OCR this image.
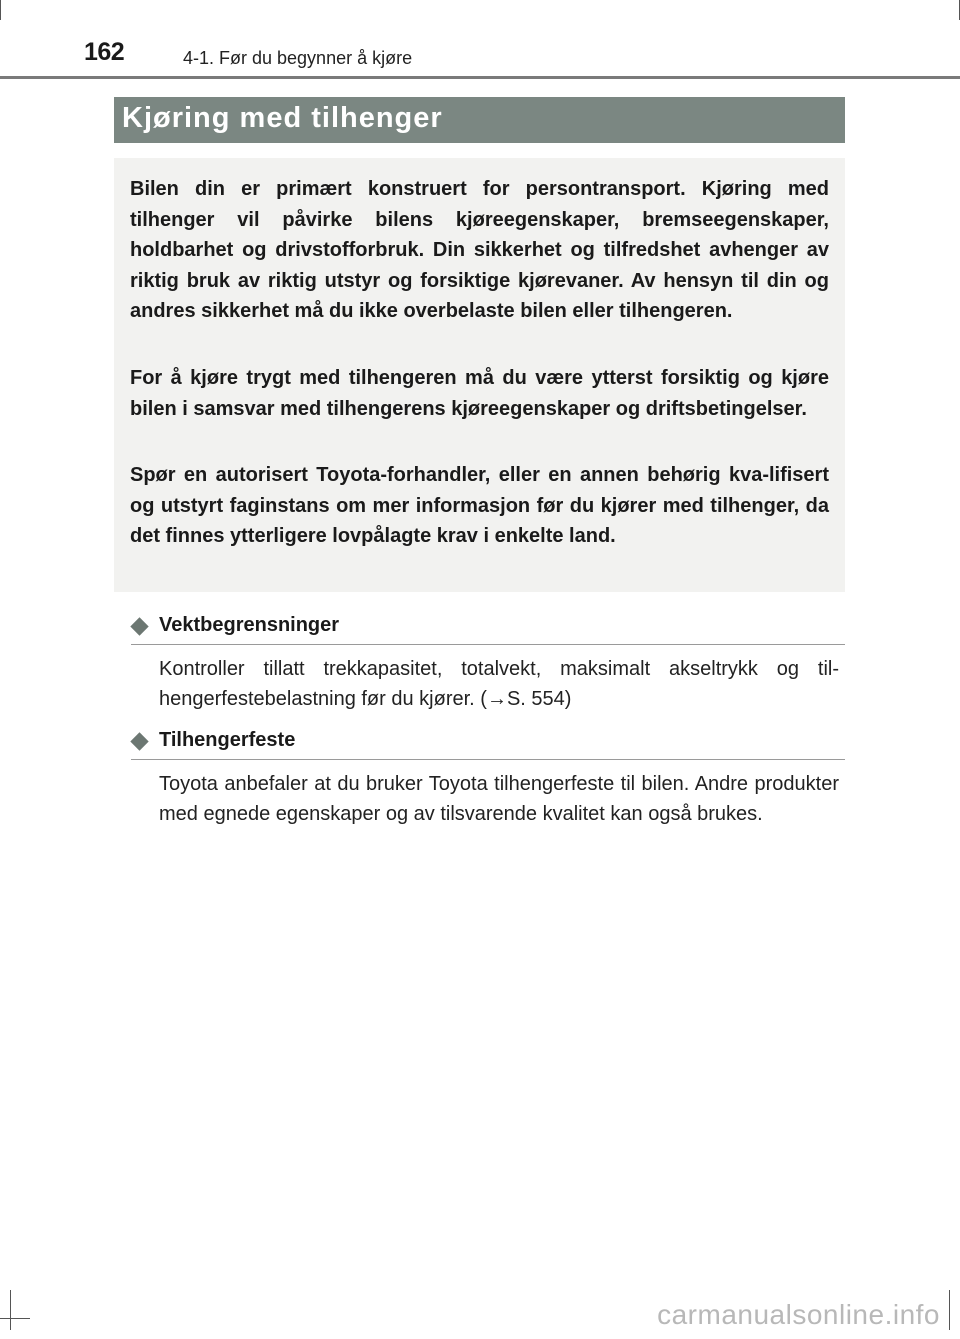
162	4-1. Før du begynner å kjøre
Kjøring med tilhenger

Bilen din er primært konstruert for persontransport. Kjøring med tilhenger vil påvirke bilens kjøreegenskaper, bremseegenskaper, holdbarhet og drivstofforbruk. Din sikkerhet og tilfredshet avhenger av riktig bruk av riktig utstyr og forsiktige kjørevaner. Av hensyn til din og andres sikkerhet må du ikke overbelaste bilen eller tilhengeren.

For å kjøre trygt med tilhengeren må du være ytterst forsiktig og kjøre bilen i samsvar med tilhengerens kjøreegenskaper og driftsbetingelser.

Spør en autorisert Toyota-forhandler, eller en annen behørig kva-lifisert og utstyrt faginstans om mer informasjon før du kjører med tilhenger, da det finnes ytterligere lovpålagte krav i enkelte land.

Vektbegrensninger

Kontroller tillatt trekkapasitet, totalvekt, maksimalt akseltrykk og til-hengerfestebelastning før du kjører. (→S. 554)

Tilhengerfeste

Toyota anbefaler at du bruker Toyota tilhengerfeste til bilen. Andre produkter med egnede egenskaper og av tilsvarende kvalitet kan også brukes.

carmanualsonline.info
